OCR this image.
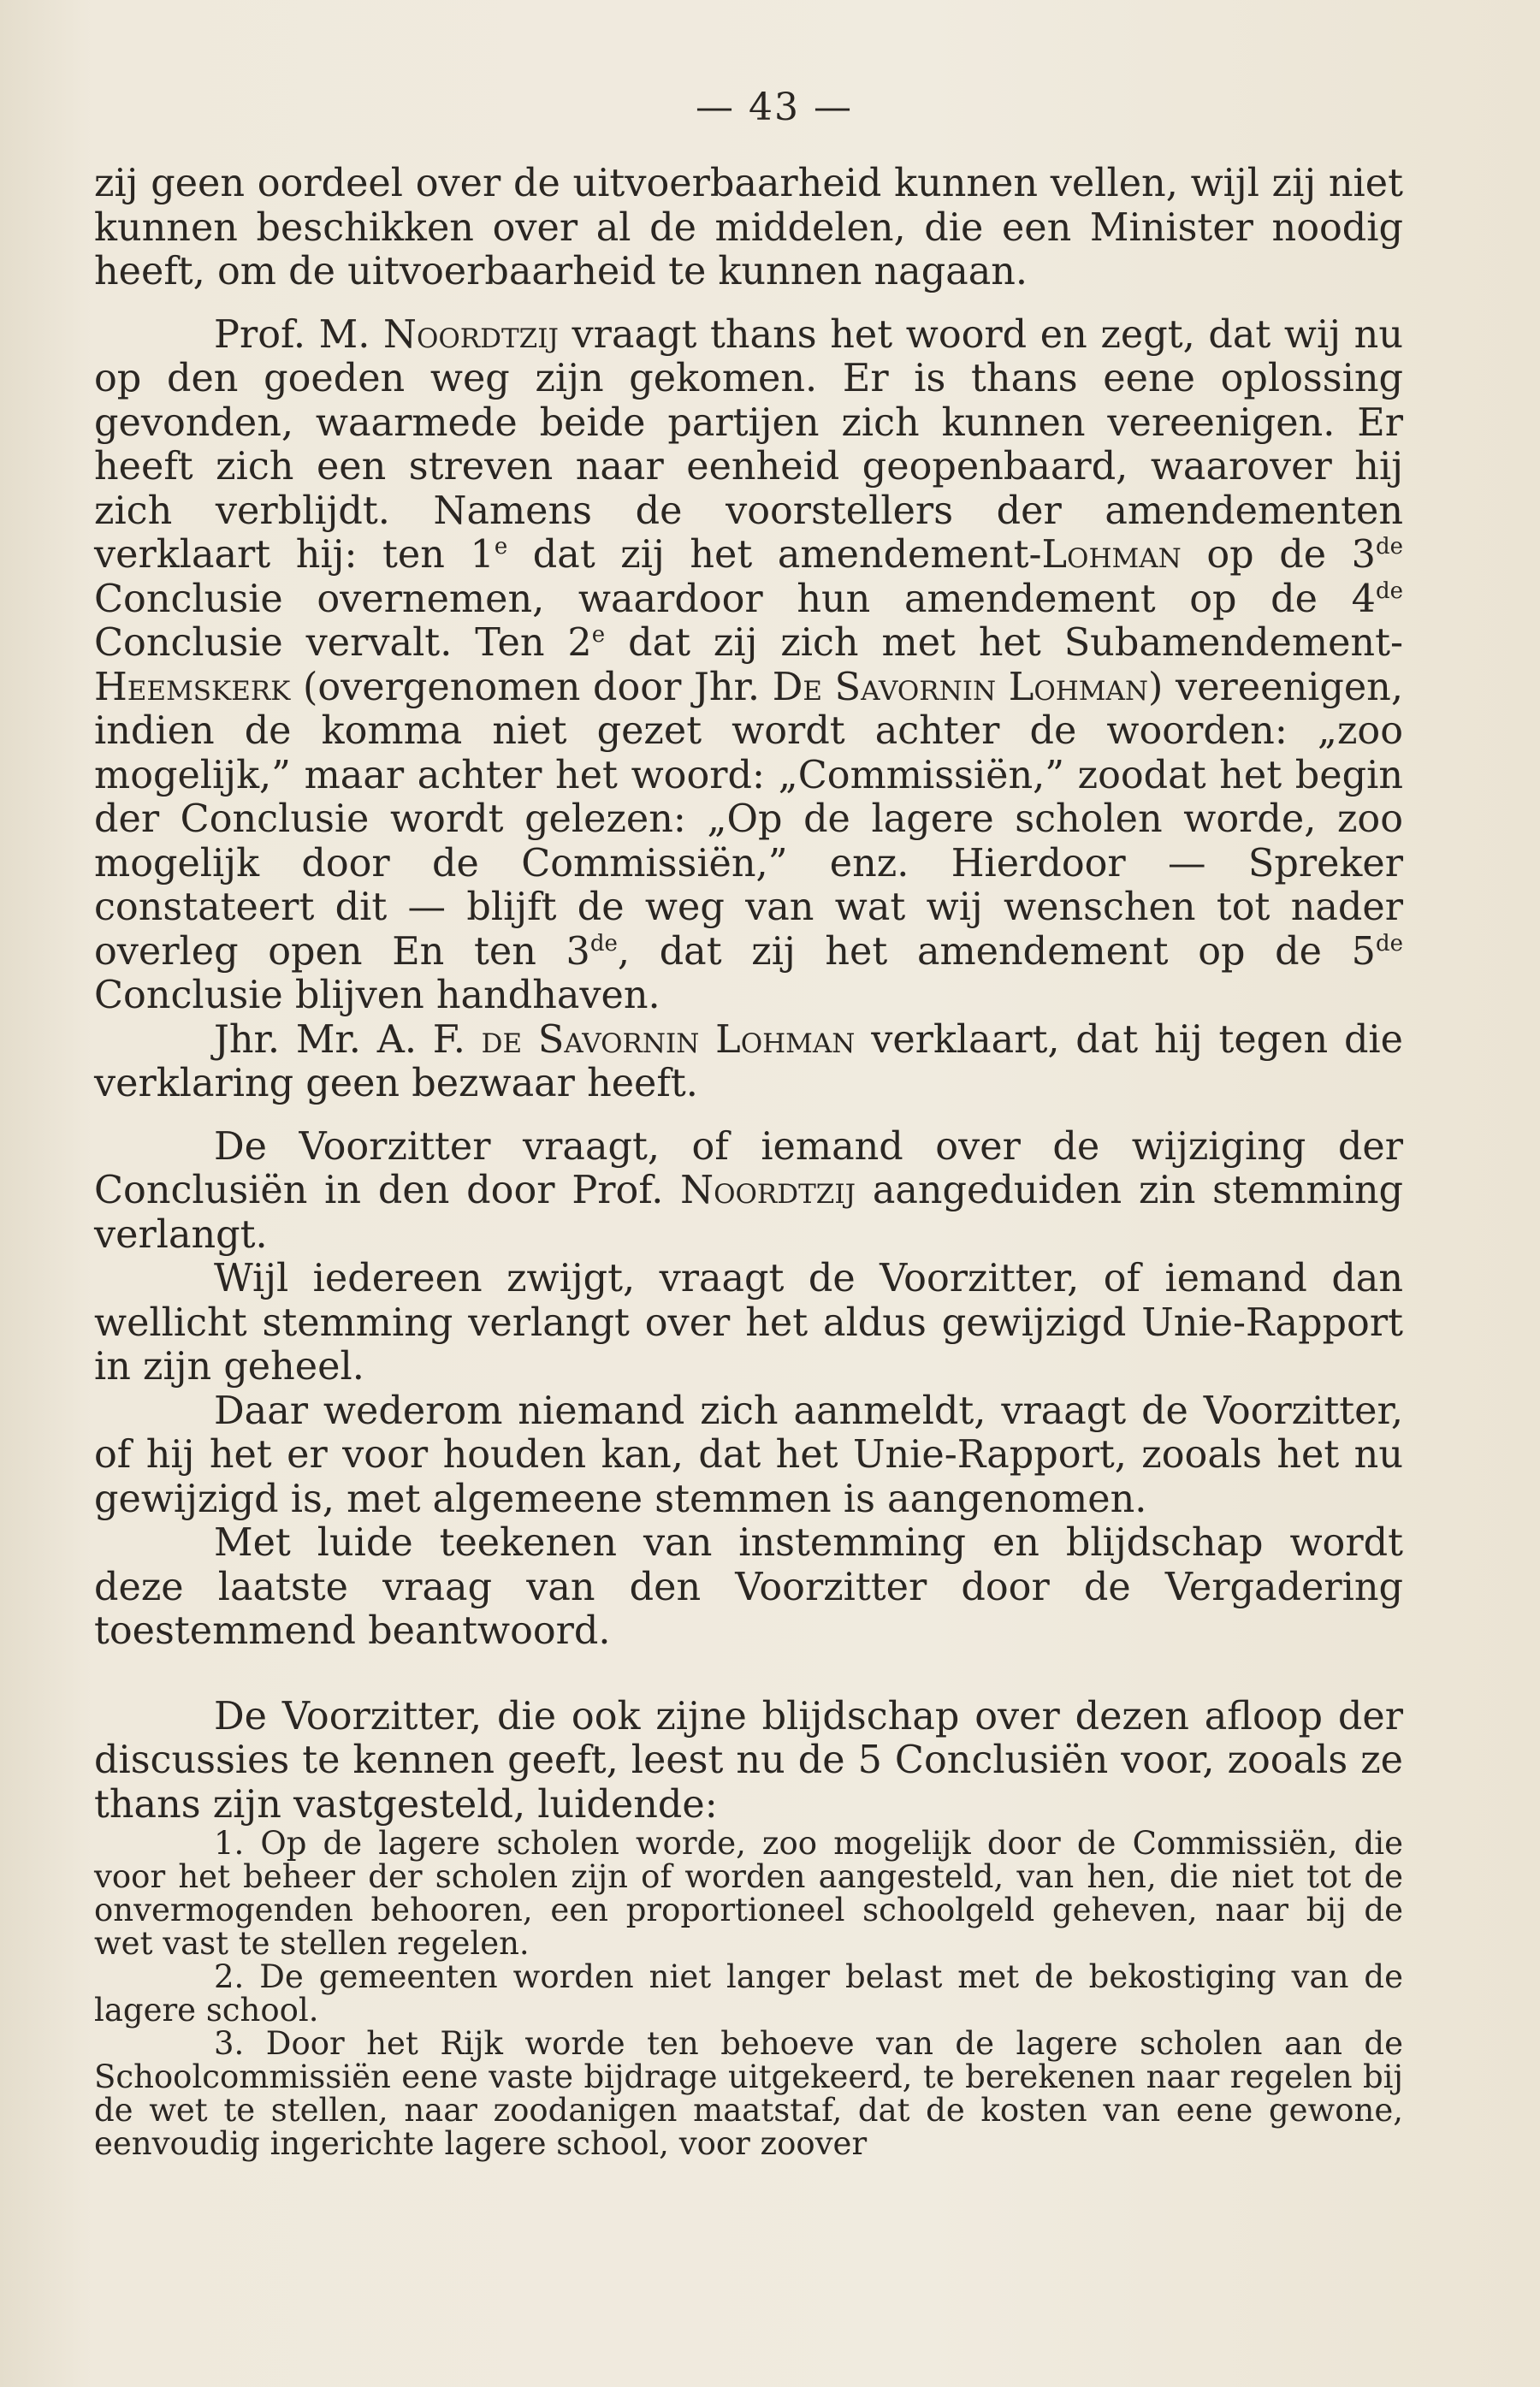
— 43 —

zij geen oordeel over de uitvoerbaarheid kunnen vellen, wijl zij niet kunnen beschikken over al de middelen, die een Minister noodig heeft, om de uitvoerbaarheid te kunnen nagaan.

Prof. M. Noordtzij vraagt thans het woord en zegt, dat wij nu op den goeden weg zijn gekomen. Er is thans eene oplossing gevonden, waarmede beide partijen zich kunnen vereenigen. Er heeft zich een streven naar eenheid geopenbaard, waarover hij zich verblijdt. Namens de voorstellers der amendementen verklaart hij: ten 1e dat zij het amendement-Lohman op de 3de Conclusie overnemen, waardoor hun amendement op de 4de Conclusie vervalt. Ten 2e dat zij zich met het Subamendement-Heemskerk (overgenomen door Jhr. De Savornin Lohman) vereenigen, indien de komma niet gezet wordt achter de woorden: „zoo mogelijk,” maar achter het woord: „Commissiën,” zoodat het begin der Conclusie wordt gelezen: „Op de lagere scholen worde, zoo mogelijk door de Commissiën,” enz. Hierdoor — Spreker constateert dit — blijft de weg van wat wij wenschen tot nader overleg open En ten 3de, dat zij het amendement op de 5de Conclusie blijven handhaven.

Jhr. Mr. A. F. de Savornin Lohman verklaart, dat hij tegen die verklaring geen bezwaar heeft.

De Voorzitter vraagt, of iemand over de wijziging der Conclusiën in den door Prof. Noordtzij aangeduiden zin stemming verlangt.

Wijl iedereen zwijgt, vraagt de Voorzitter, of iemand dan wellicht stemming verlangt over het aldus gewijzigd Unie-Rapport in zijn geheel.

Daar wederom niemand zich aanmeldt, vraagt de Voorzitter, of hij het er voor houden kan, dat het Unie-Rapport, zooals het nu gewijzigd is, met algemeene stemmen is aangenomen.

Met luide teekenen van instemming en blijdschap wordt deze laatste vraag van den Voorzitter door de Vergadering toestemmend beantwoord.

De Voorzitter, die ook zijne blijdschap over dezen afloop der discussies te kennen geeft, leest nu de 5 Conclusiën voor, zooals ze thans zijn vastgesteld, luidende:

1. Op de lagere scholen worde, zoo mogelijk door de Commissiën, die voor het beheer der scholen zijn of worden aangesteld, van hen, die niet tot de onvermogenden behooren, een proportioneel schoolgeld geheven, naar bij de wet vast te stellen regelen.

2. De gemeenten worden niet langer belast met de bekostiging van de lagere school.

3. Door het Rijk worde ten behoeve van de lagere scholen aan de Schoolcommissiën eene vaste bijdrage uitgekeerd, te berekenen naar regelen bij de wet te stellen, naar zoodanigen maatstaf, dat de kosten van eene gewone, eenvoudig ingerichte lagere school, voor zoover
